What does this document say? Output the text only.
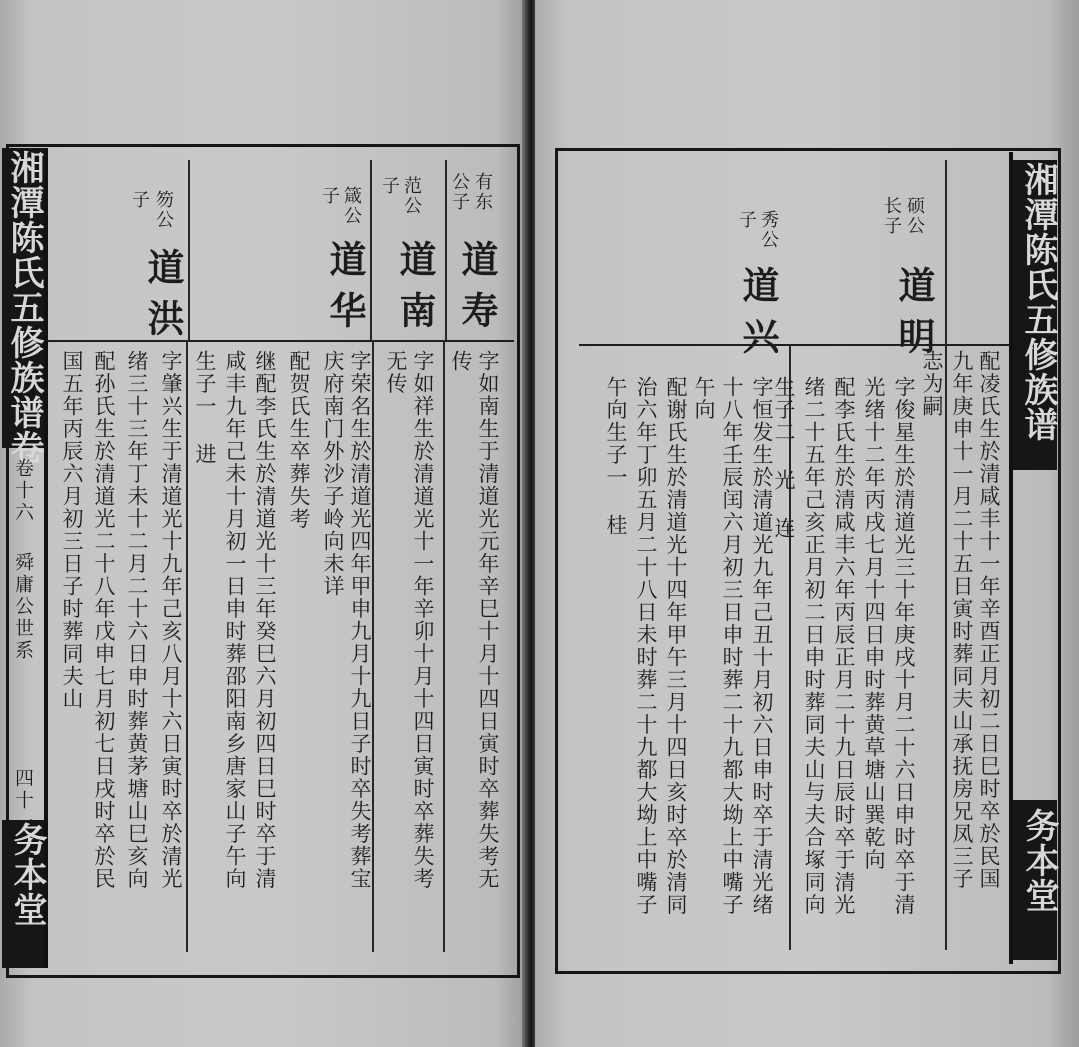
湘潭陈氏五修族谱卷
务本堂
卷十六
舜庸公世系
四十一
有东
公子
道寿
字如南生于清道光元年辛巳十月十四日寅时卒葬失考无
传
范公
子
道南
字如祥生於清道光十一年辛卯十月十四日寅时卒葬失考
无传
箴公
子
道华
字荣名生於清道光四年甲申九月十九日子时卒失考葬宝
庆府南门外沙子岭向未详
配贺氏生卒葬失考
继配李氏生於清道光十三年癸巳六月初四日巳时卒于清
咸丰九年己未十月初一日申时葬邵阳南乡唐家山子午向
生子一 进
笏公
子
道洪
字肇兴生于清道光十九年己亥八月十六日寅时卒於清光
绪三十三年丁未十二月二十六日申时葬黄茅塘山巳亥向
配孙氏生於清道光二十八年戊申七月初七日戌时卒於民
国五年丙辰六月初三日子时葬同夫山
湘潭陈氏五修族谱
务本堂
配凌氏生於清咸丰十一年辛酉正月初二日巳时卒於民国
九年庚申十一月二十五日寅时葬同夫山承抚房兄凤三子
志为嗣
硕公
长子
道明
字俊星生於清道光三十年庚戌十月二十六日申时卒于清
光绪十二年丙戌七月十四日申时葬黄草塘山巽乾向
配李氏生於清咸丰六年丙辰正月二十九日辰时卒于清光
绪二十五年己亥正月初二日申时葬同夫山与夫合塚同向
生子二 光 连
秀公
子
道兴
字恒发生於清道光九年己丑十月初六日申时卒于清光绪
十八年壬辰闰六月初三日申时葬二十九都大坳上中嘴子
午向
配谢氏生於清道光十四年甲午三月十四日亥时卒於清同
治六年丁卯五月二十八日未时葬二十九都大坳上中嘴子
午向生子一 桂
